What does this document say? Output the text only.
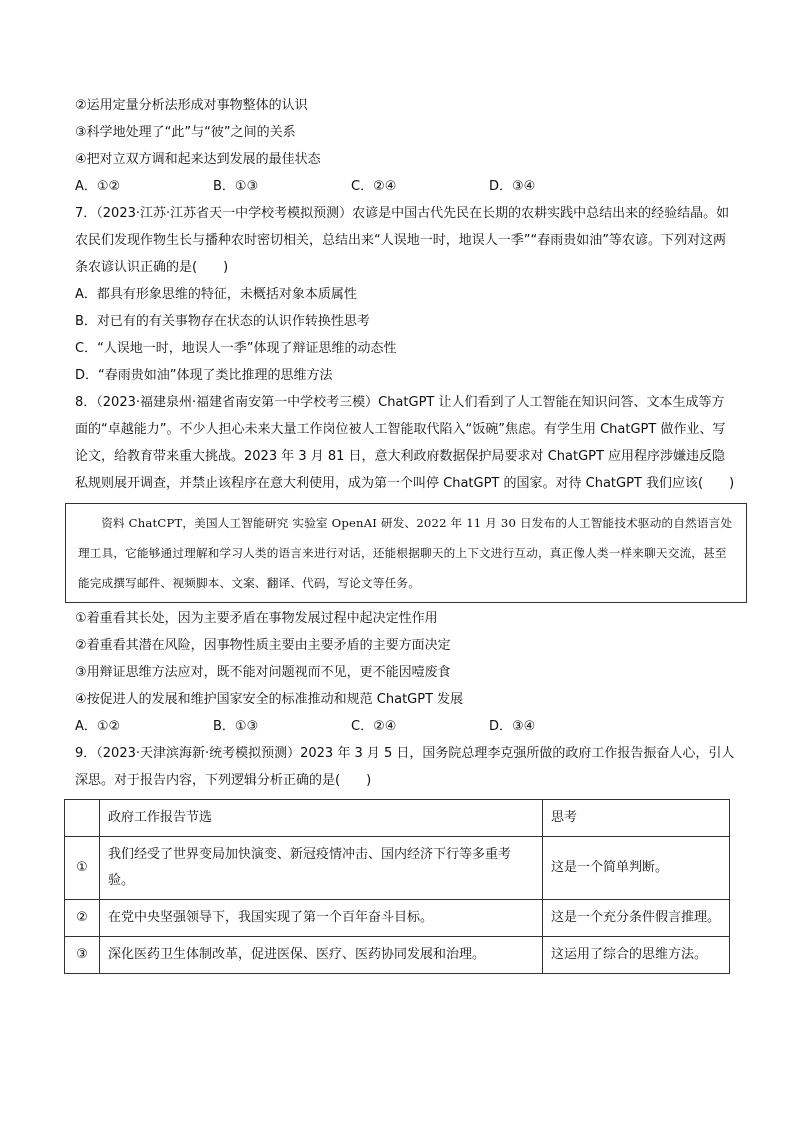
②运用定量分析法形成对事物整体的认识
③科学地处理了“此”与“彼”之间的关系
④把对立双方调和起来达到发展的最佳状态
A．①②	B．①③	C．②④	D．③④
7．（2023·江苏·江苏省天一中学校考模拟预测）农谚是中国古代先民在长期的农耕实践中总结出来的经验结晶。如农民们发现作物生长与播种农时密切相关，总结出来“人误地一时，地误人一季”“春雨贵如油”等农谚。下列对这两条农谚认识正确的是(　　)
A．都具有形象思维的特征，未概括对象本质属性
B．对已有的有关事物存在状态的认识作转换性思考
C．“人误地一时，地误人一季”体现了辩证思维的动态性
D．“春雨贵如油”体现了类比推理的思维方法
8．（2023·福建泉州·福建省南安第一中学校考三模）ChatGPT 让人们看到了人工智能在知识问答、文本生成等方面的“卓越能力”。不少人担心未来大量工作岗位被人工智能取代陷入“饭碗”焦虑。有学生用 ChatGPT 做作业、写论文，给教育带来重大挑战。2023 年 3 月 81 日，意大利政府数据保护局要求对 ChatGPT 应用程序涉嫌违反隐私规则展开调查，并禁止该程序在意大利使用，成为第一个叫停 ChatGPT 的国家。对待 ChatGPT 我们应该(　　)
资料 ChatCPT，美国人工智能研究 实验室 OpenAI 研发、2022 年 11 月 30 日发布的人工智能技术驱动的自然语言处理工具，它能够通过理解和学习人类的语言来进行对话，还能根据聊天的上下文进行互动，真正像人类一样来聊天交流，甚至能完成撰写邮件、视频脚本、文案、翻译、代码，写论文等任务。
①着重看其长处，因为主要矛盾在事物发展过程中起决定性作用
②着重看其潜在风险，因事物性质主要由主要矛盾的主要方面决定
③用辩证思维方法应对，既不能对问题视而不见，更不能因噎废食
④按促进人的发展和维护国家安全的标准推动和规范 ChatGPT 发展
A．①②	B．①③	C．②④	D．③④
9．（2023·天津滨海新·统考模拟预测）2023 年 3 月 5 日，国务院总理李克强所做的政府工作报告振奋人心，引人深思。对于报告内容，下列逻辑分析正确的是(　　)
	政府工作报告节选	思考
①	我们经受了世界变局加快演变、新冠疫情冲击、国内经济下行等多重考验。	这是一个简单判断。
②	在党中央坚强领导下，我国实现了第一个百年奋斗目标。	这是一个充分条件假言推理。
③	深化医药卫生体制改革，促进医保、医疗、医药协同发展和治理。	这运用了综合的思维方法。
